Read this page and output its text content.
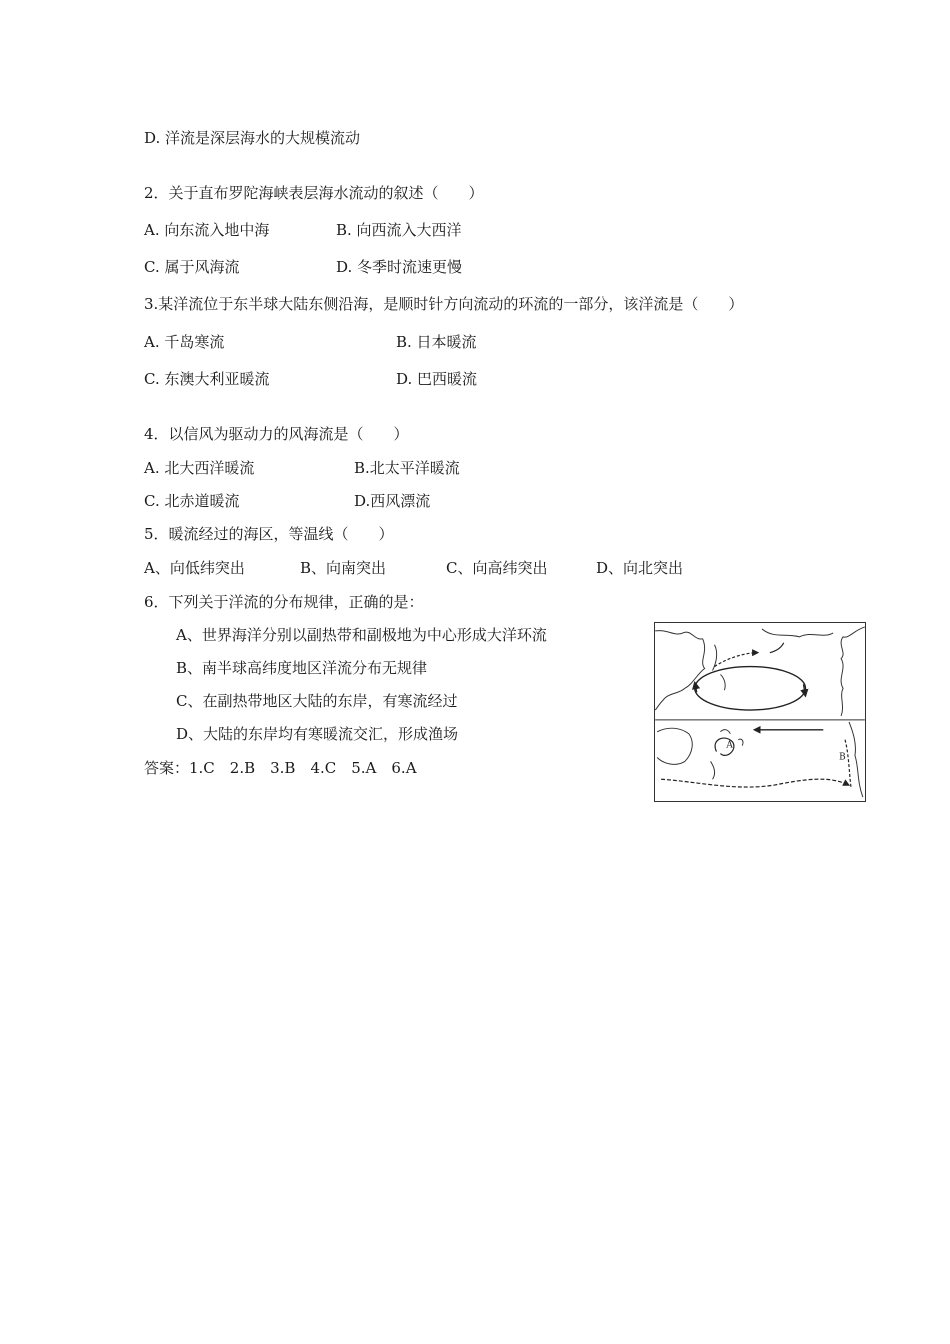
D. 洋流是深层海水的大规模流动
2．关于直布罗陀海峡表层海水流动的叙述（　　）
A. 向东流入地中海	B. 向西流入大西洋
C. 属于风海流	D. 冬季时流速更慢
3.某洋流位于东半球大陆东侧沿海，是顺时针方向流动的环流的一部分，该洋流是（　　）
A. 千岛寒流	B. 日本暖流
C. 东澳大利亚暖流	D. 巴西暖流
4．以信风为驱动力的风海流是（　　）
A. 北大西洋暖流	B.北太平洋暖流
C. 北赤道暖流	D.西风漂流
5．暖流经过的海区，等温线（　　）
A、向低纬突出	B、向南突出	C、向高纬突出	D、向北突出
6．下列关于洋流的分布规律，正确的是：
A、世界海洋分别以副热带和副极地为中心形成大洋环流
B、南半球高纬度地区洋流分布无规律
C、在副热带地区大陆的东岸，有寒流经过
D、大陆的东岸均有寒暖流交汇，形成渔场
答案：1.C　2.B　3.B　4.C　5.A　6.A
A
B
